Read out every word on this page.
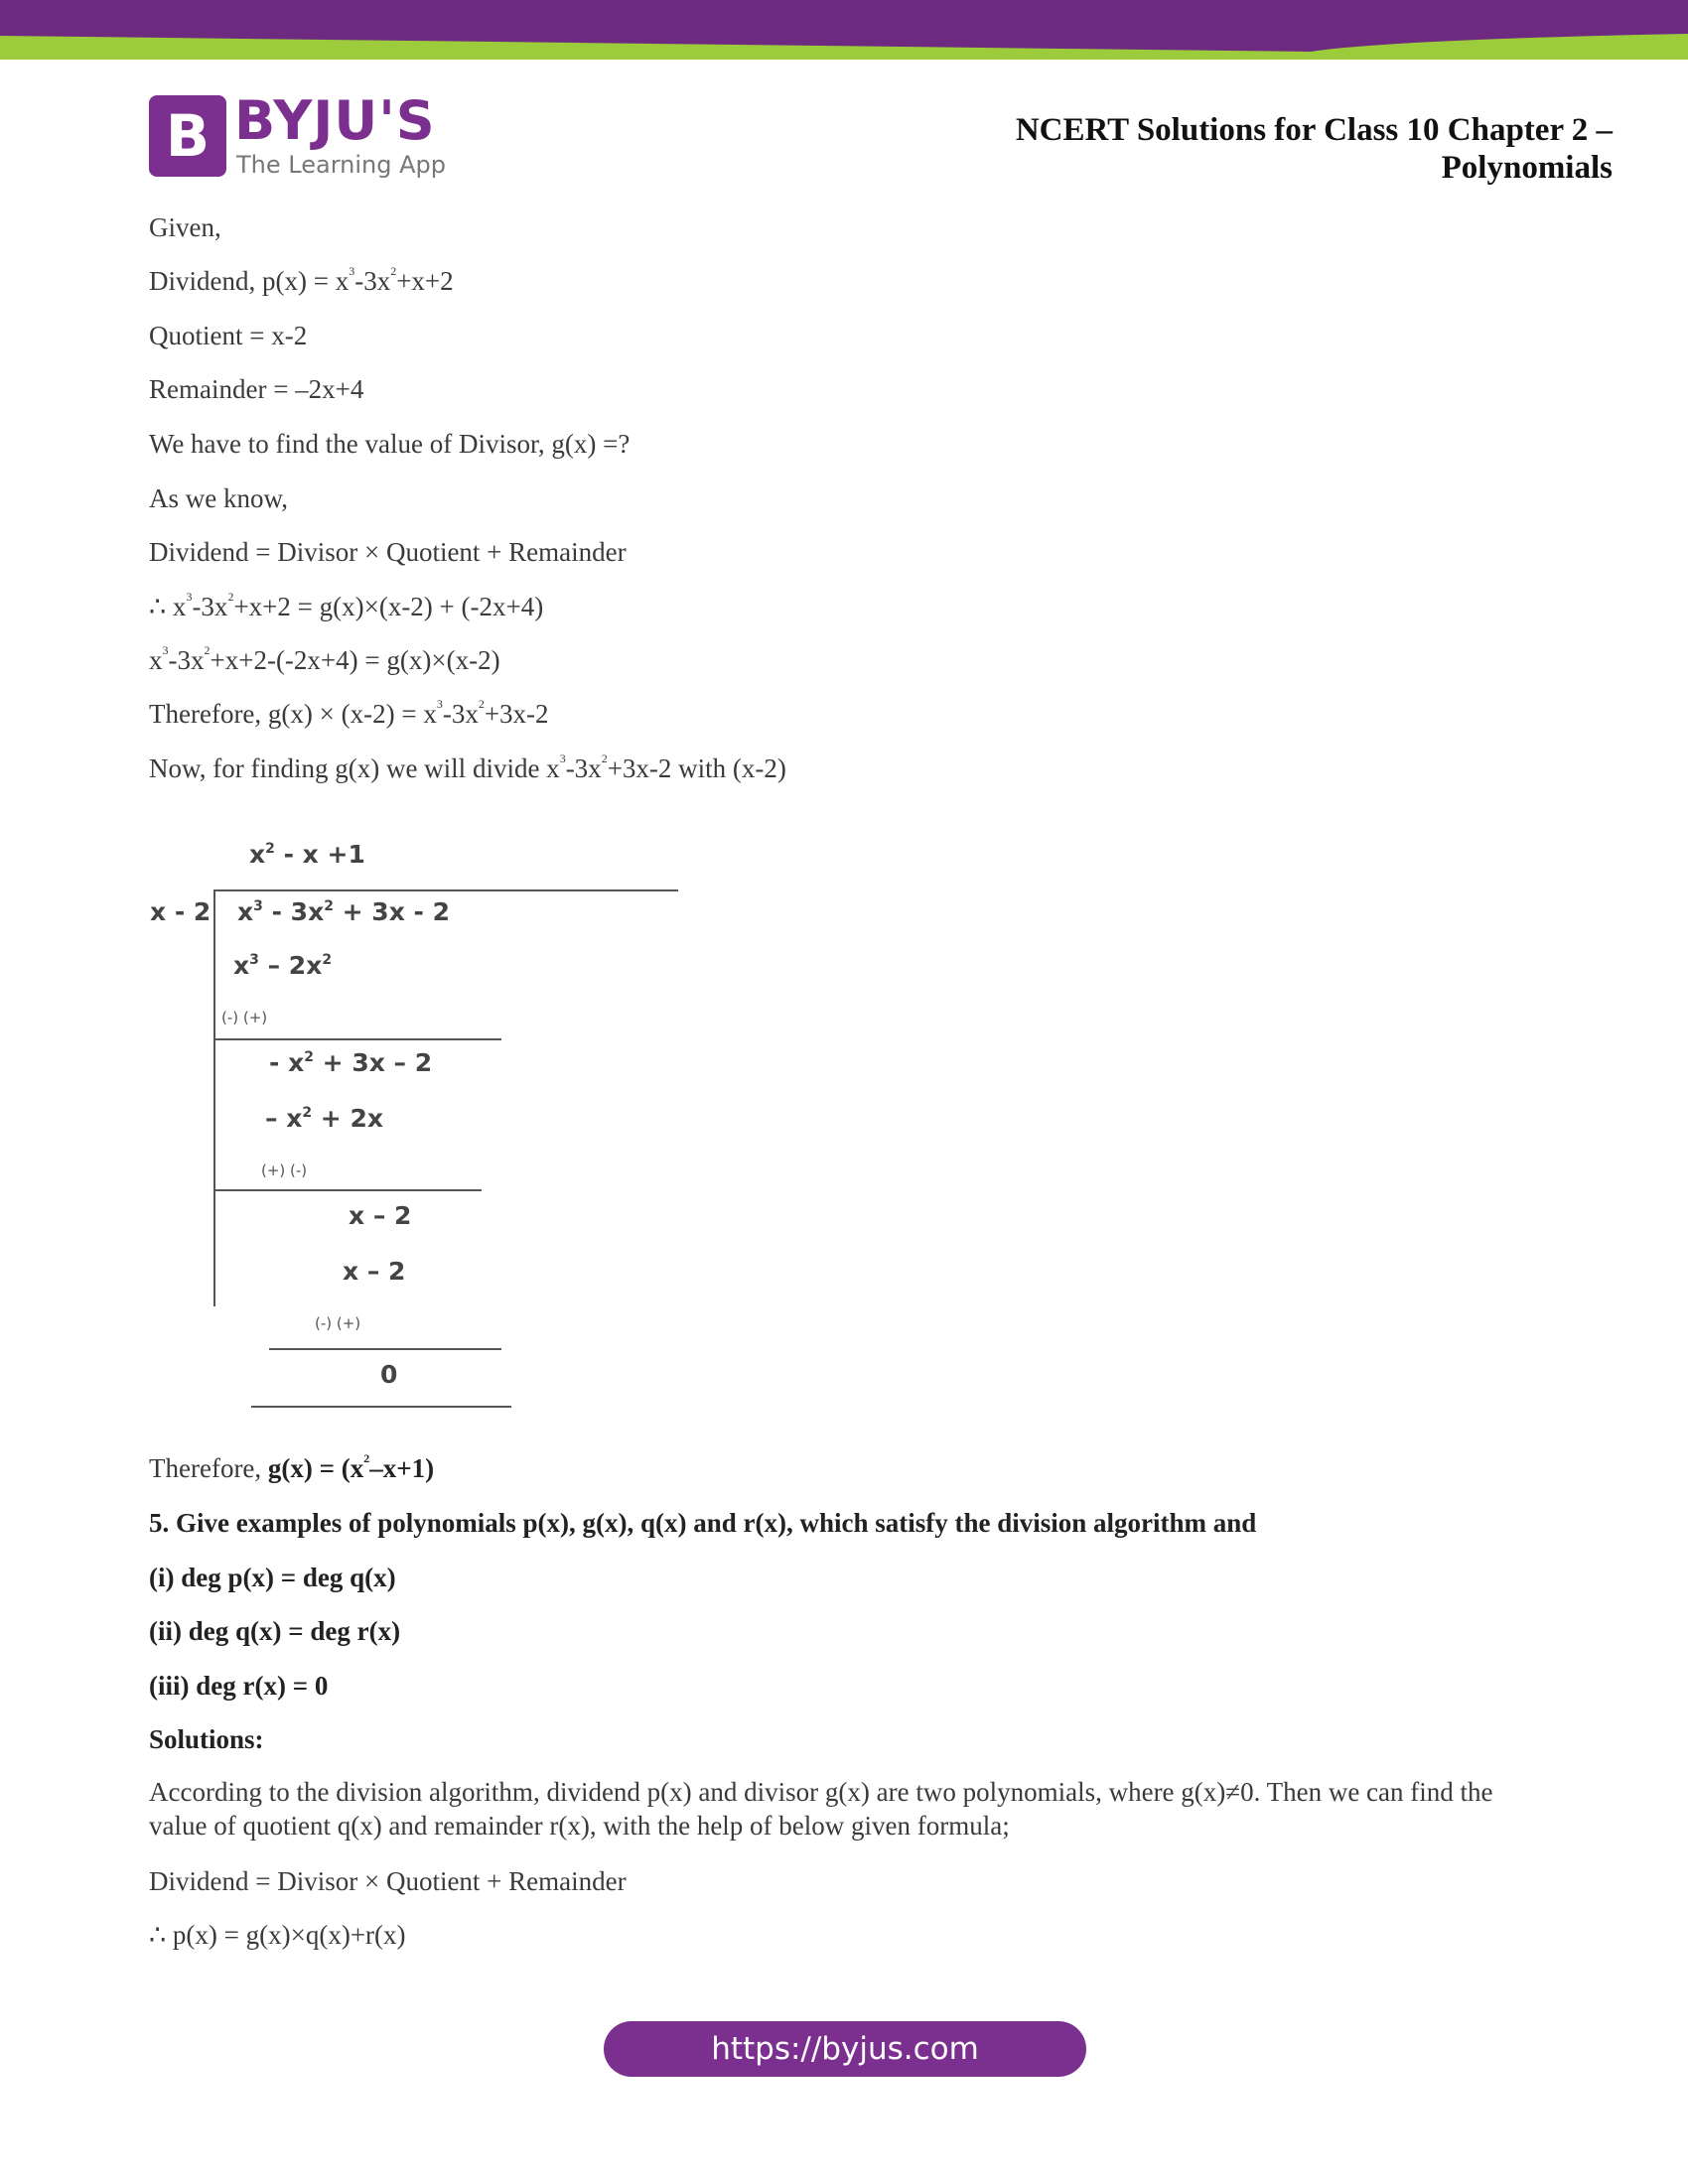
B BYJU'S
The Learning App
NCERT Solutions for Class 10 Chapter 2 –
Polynomials
Given,
Dividend, $p(x) = x^3-3x^2+x+2$
Quotient = x-2
Remainder = –2x+4
We have to find the value of Divisor, g(x) =?
As we know,
Dividend = Divisor × Quotient + Remainder
∴ $x^3-3x^2+x+2 = g(x)\times(x-2) + (-2x+4)$
$x^3-3x^2+x+2-(-2x+4) = g(x)\times(x-2)$
Therefore, $g(x) \times (x-2) = x^3-3x^2+3x-2$
Now, for finding g(x) we will divide $x^3-3x^2+3x-2$ with (x-2)
$x^2 - x +1$
x - 2 $x^3 - 3x^2 + 3x - 2$
$x^3 - 2x^2$
(-) (+)
- $x^2 + 3x - 2$
– $x^2 + 2x$
(+) (-)
x – 2
x – 2
(-) (+)
0
Therefore, $g(x) = (x^2-x+1)$
5. Give examples of polynomials p(x), g(x), q(x) and r(x), which satisfy the division algorithm and
(i) deg p(x) = deg q(x)
(ii) deg q(x) = deg r(x)
(iii) deg r(x) = 0
Solutions:
According to the division algorithm, dividend p(x) and divisor g(x) are two polynomials, where g(x)≠0. Then we can find the value of quotient q(x) and remainder r(x), with the help of below given formula;
Dividend = Divisor × Quotient + Remainder
∴ p(x) = g(x)×q(x)+r(x)
https://byjus.com
